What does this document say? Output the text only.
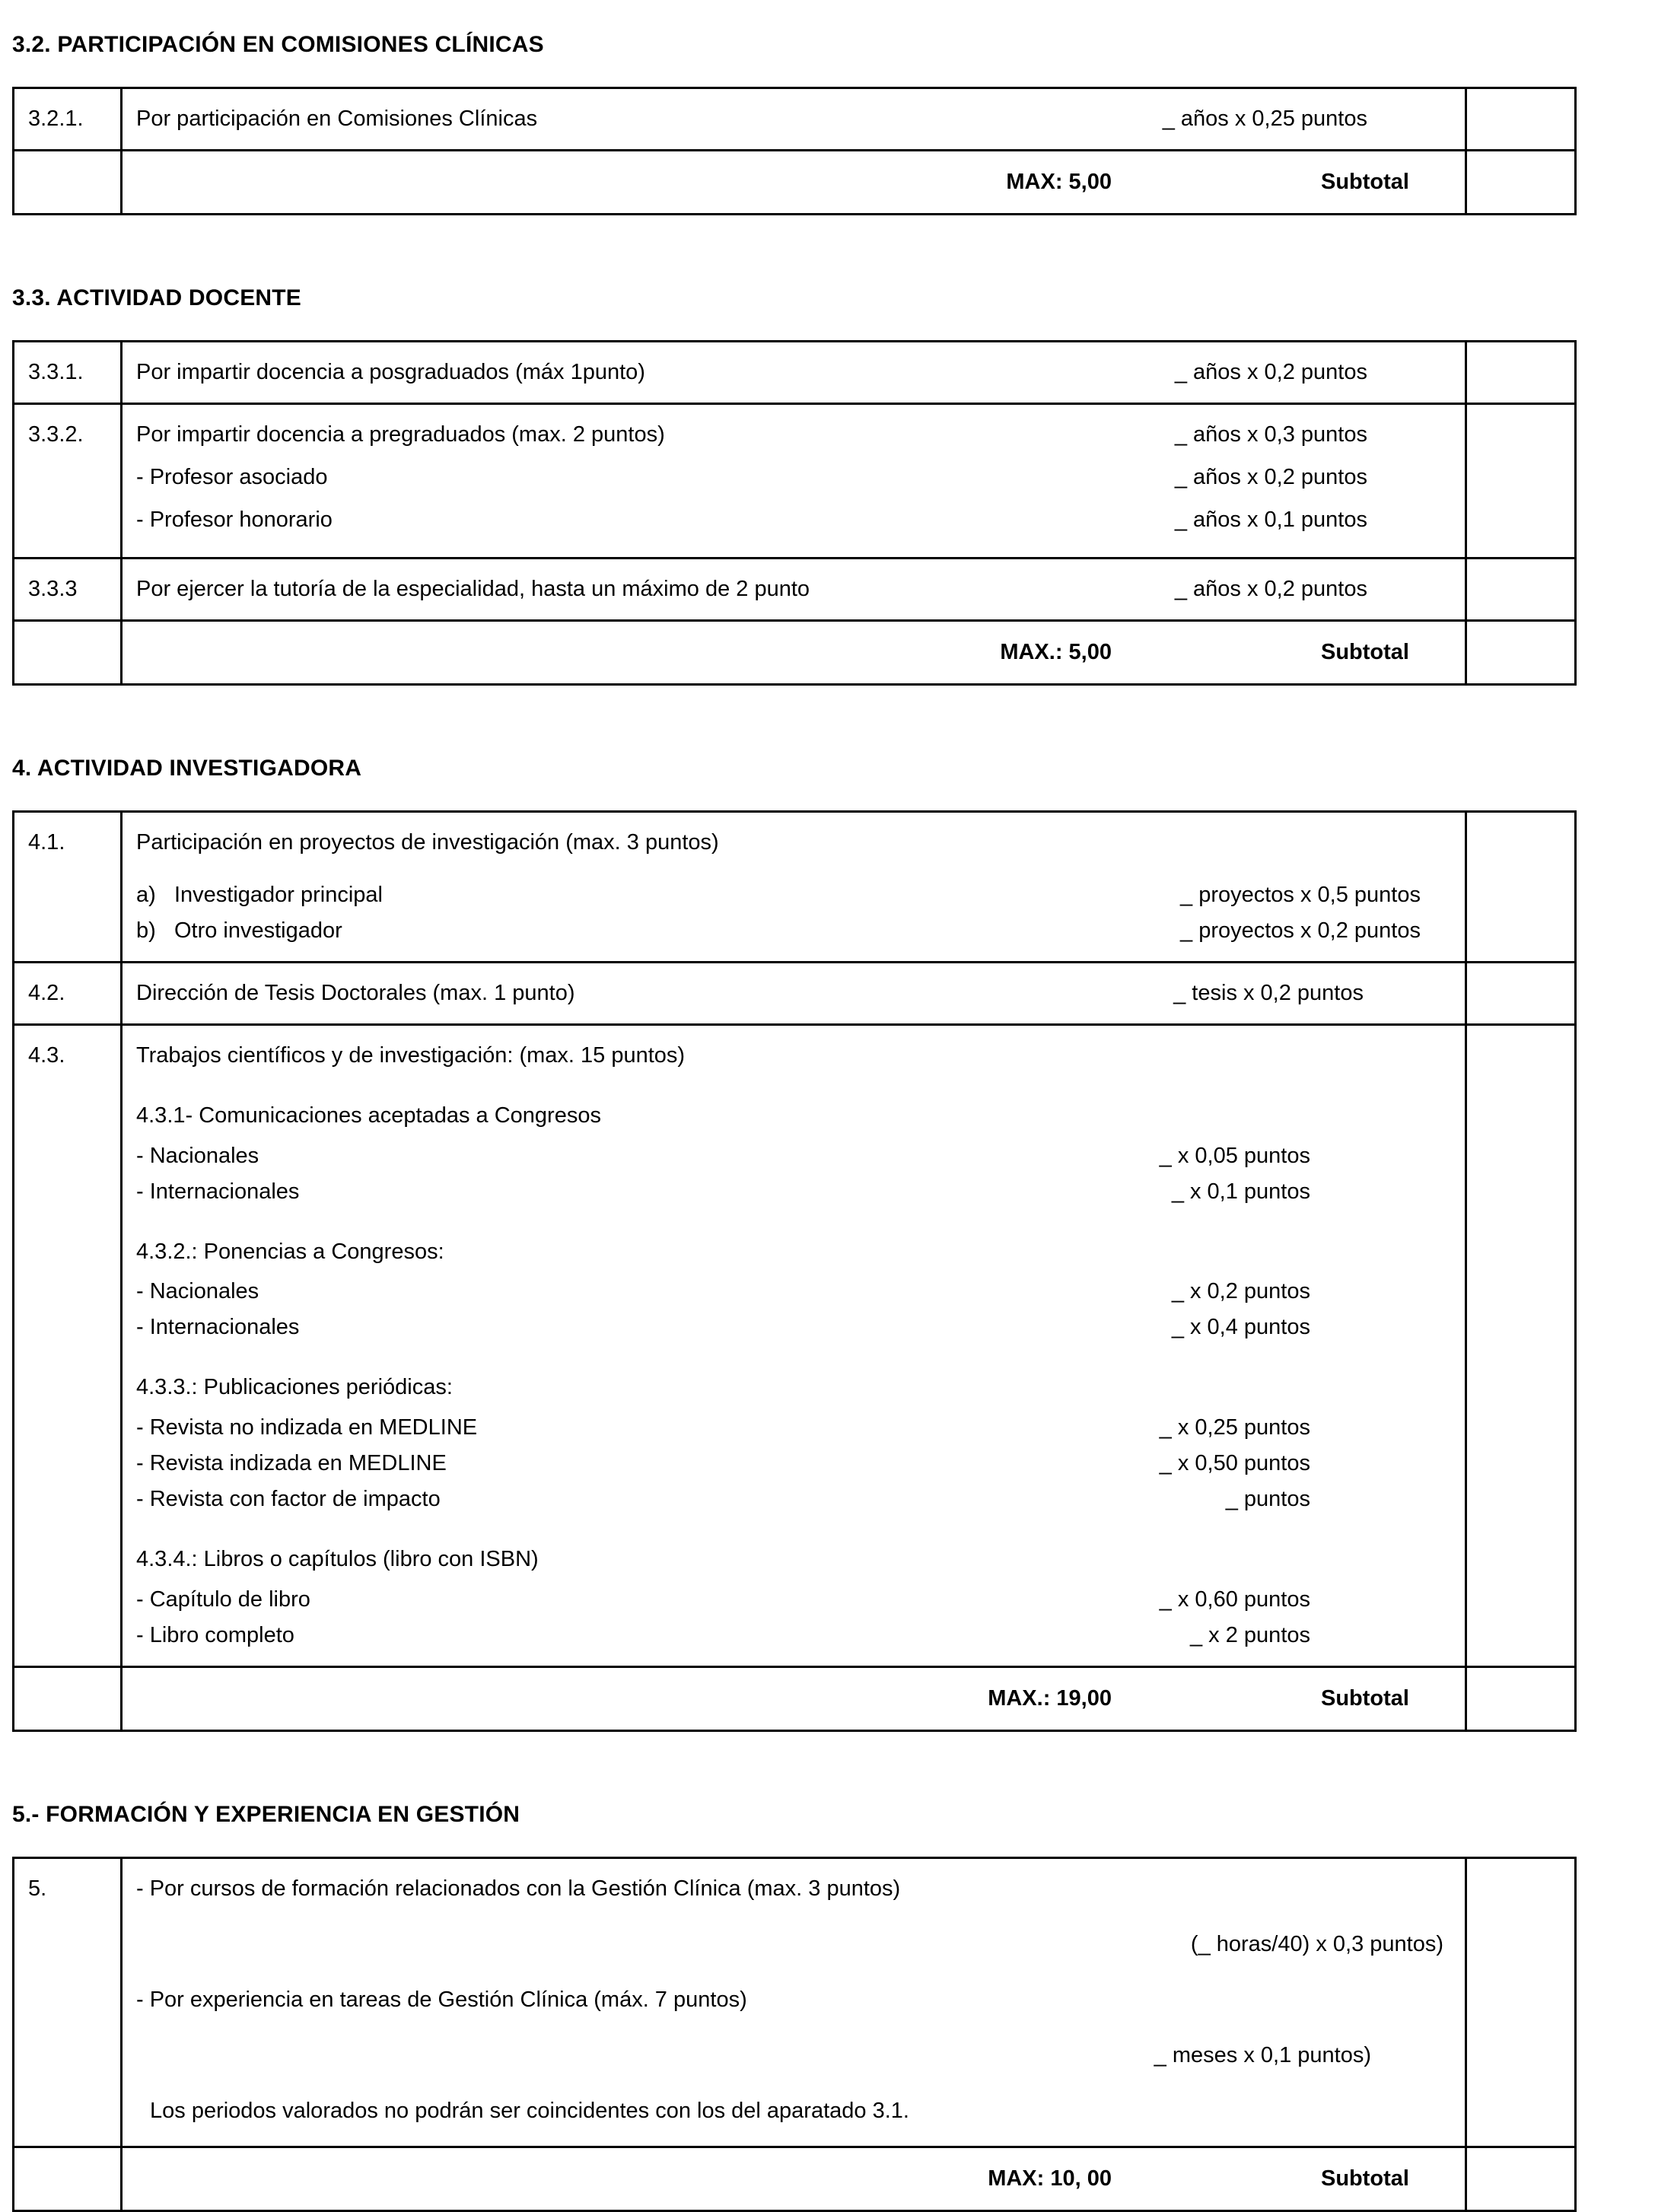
3.2. PARTICIPACIÓN EN COMISIONES CLÍNICAS
3.2.1.	Por participación en Comisiones Clínicas _ años x 0,25 puntos	

	MAX: 5,00 Subtotal	

3.3. ACTIVIDAD DOCENTE
3.3.1.	Por impartir docencia a posgraduados (máx 1punto) _ años x 0,2 puntos	

3.3.2.	Por impartir docencia a pregraduados (max. 2 puntos)	_ años x 0,3 puntos
- Profesor asociado	_ años x 0,2 puntos
- Profesor honorario	_ años x 0,1 puntos

3.3.3	Por ejercer la tutoría de la especialidad, hasta un máximo de 2 punto _ años x 0,2 puntos	

	MAX.: 5,00 Subtotal	

4. ACTIVIDAD INVESTIGADORA
4.1.	Participación en proyectos de investigación (max. 3 puntos)
a)   Investigador principal _ proyectos x 0,5 puntos
b)   Otro investigador _ proyectos x 0,2 puntos	

4.2.	Dirección de Tesis Doctorales (max. 1 punto) _ tesis x 0,2 puntos	

4.3.	Trabajos científicos y de investigación: (max. 15 puntos)
4.3.1- Comunicaciones aceptadas a Congresos
- Nacionales	_ x 0,05 puntos
- Internacionales	_ x 0,1 puntos
4.3.2.: Ponencias a Congresos:
- Nacionales	_ x 0,2 puntos
- Internacionales	_ x 0,4 puntos
4.3.3.: Publicaciones periódicas:
- Revista no indizada en MEDLINE	_ x 0,25 puntos
- Revista indizada en MEDLINE	_ x 0,50 puntos
- Revista con factor de impacto	_ puntos
4.3.4.: Libros o capítulos (libro con ISBN)
- Capítulo de libro	_ x 0,60 puntos
- Libro completo	_ x 2 puntos

	MAX.: 19,00 Subtotal	

5.- FORMACIÓN Y EXPERIENCIA EN GESTIÓN
5.	- Por cursos de formación relacionados con la Gestión Clínica (max. 3 puntos)

(_ horas/40) x 0,3 puntos)

- Por experiencia en tareas de Gestión Clínica (máx. 7 puntos)

_ meses x 0,1 puntos)

Los periodos valorados no podrán ser coincidentes con los del aparatado 3.1.	

	MAX: 10, 00 Subtotal	
